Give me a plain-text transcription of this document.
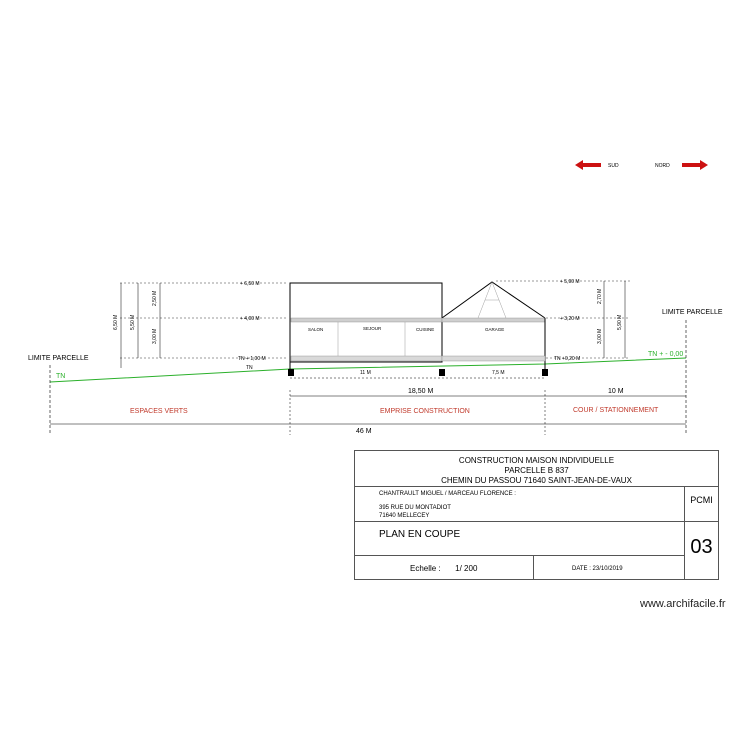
SUD	NORD
TN
TN + - 0,00
LIMITE PARCELLE
LIMITE PARCELLE
SALON	SEJOUR	CUISINE	GARAGE
+ 6,50 M
+ 4,00 M
TN + 1,00 M
TN
+ 5,90 M
+ 3,20 M
TN +0,20 M
6,50 M 5,50 M
2,50 M
3,00 M
2,70 M
3,00 M
5,90 M
11 M	7,5 M
18,50 M	10 M
46 M
ESPACES VERTS	EMPRISE CONSTRUCTION	COUR / STATIONNEMENT
CONSTRUCTION MAISON INDIVIDUELLE
PARCELLE B 837
CHEMIN DU PASSOU 71640 SAINT-JEAN-DE-VAUX
CHANTRAULT MIGUEL / MARCEAU FLORENCE :
395 RUE DU MONTADIOT
71640 MELLECEY
PCMI
PLAN EN COUPE
03
Echelle : 1/ 200	DATE : 23/10/2019
www.archifacile.fr
